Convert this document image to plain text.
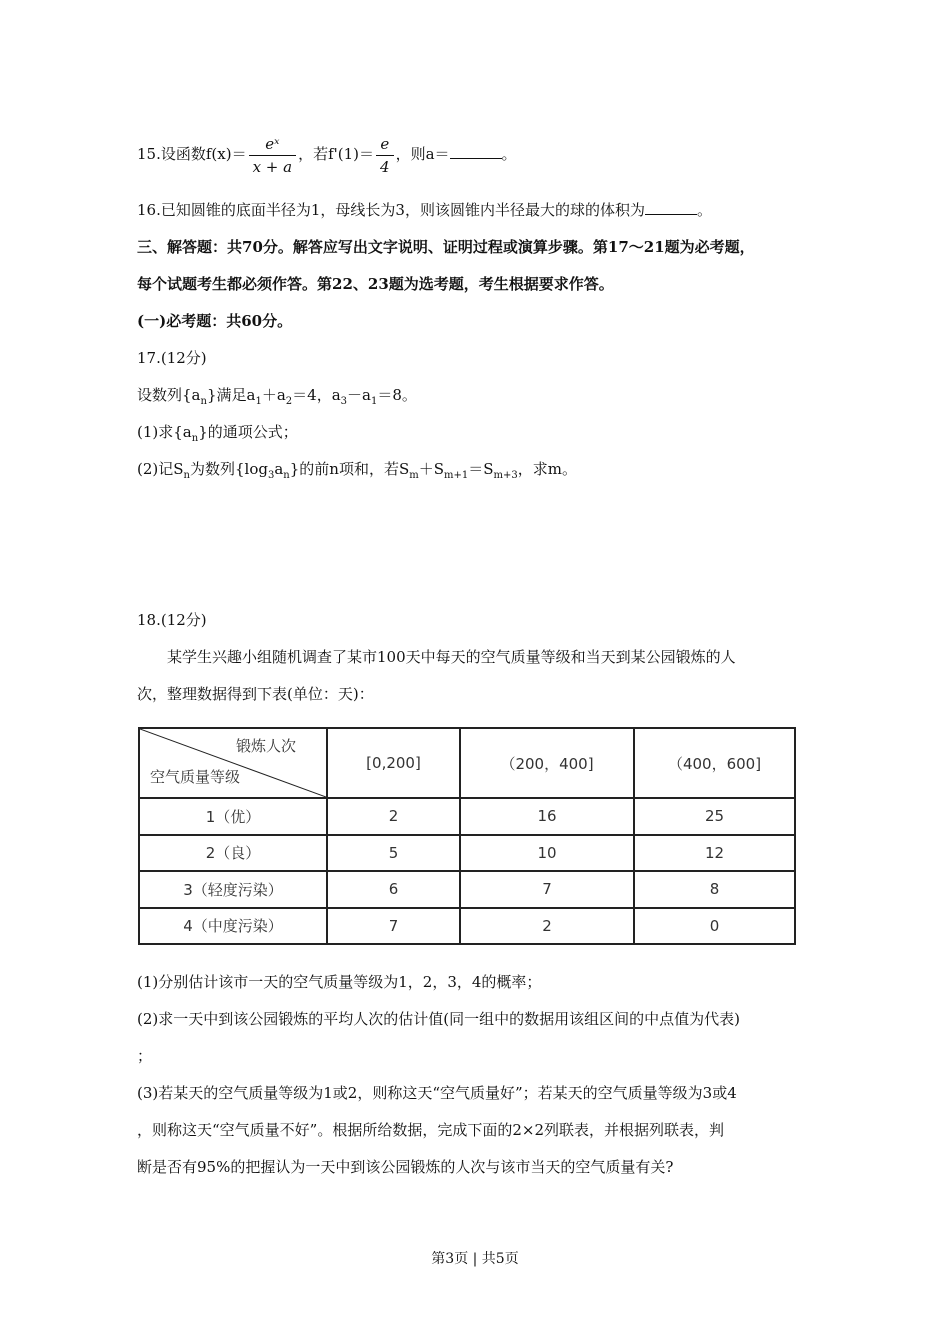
15.设函数$f(x)= \frac{\text{eˣ}}{x + a}$ ，若$f'(1)= \frac{e}{4}$ ，则a＝	。
16.已知圆锥的底面半径为1，母线长为3，则该圆锥内半径最大的球的体积为	。
三、解答题：共70分。解答应写出文字说明、证明过程或演算步骤。第17～21题为必考题，
每个试题考生都必须作答。第22、23题为选考题，考生根据要求作答。
(一)必考题：共60分。
17.(12分)
设数列$\{a_n\}$满足$a_1+a_2=4$，$a_3-a_1=8$。
(1)求$\{a_n\}$的通项公式；
(2)记$S_n$为数列$\{\log_3a_n\}$的前n项和，若$S_m+S_{m+1}=S_{m+3}$，求m。
18.(12分)
某学生兴趣小组随机调查了某市100天中每天的空气质量等级和当天到某公园锻炼的人
次，整理数据得到下表(单位：天)：
锻炼人次
空气质量等级	[0,200]	（200，400]	（400，600]
1（优）	2	16	25
2（良）	5	10	12
3（轻度污染）	6	7	8
4（中度污染）	7	2	0
(1)分别估计该市一天的空气质量等级为1，2，3，4的概率；
(2)求一天中到该公园锻炼的平均人次的估计值(同一组中的数据用该组区间的中点值为代表)
；
(3)若某天的空气质量等级为1或2，则称这天“空气质量好”；若某天的空气质量等级为3或4
，则称这天“空气质量不好”。根据所给数据，完成下面的2×2列联表，并根据列联表，判
断是否有95%的把握认为一天中到该公园锻炼的人次与该市当天的空气质量有关?
第3页 | 共5页
